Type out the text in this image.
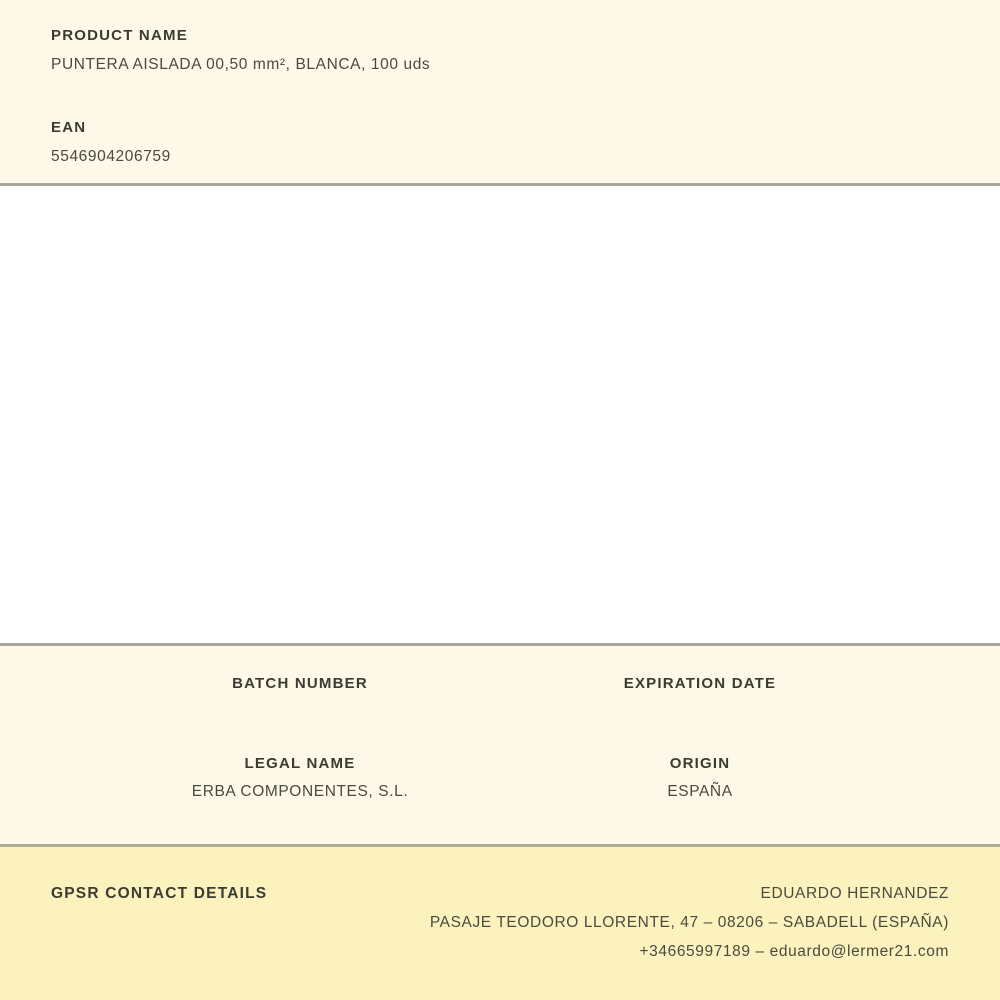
PRODUCT NAME
PUNTERA AISLADA 00,50 mm², BLANCA, 100 uds
EAN
5546904206759
BATCH NUMBER	EXPIRATION DATE
LEGAL NAME
ERBA COMPONENTES, S.L.
ORIGIN
ESPAÑA
GPSR CONTACT DETAILS	EDUARDO HERNANDEZ
PASAJE TEODORO LLORENTE, 47 – 08206 – SABADELL (ESPAÑA)
+34665997189 – eduardo@lermer21.com
